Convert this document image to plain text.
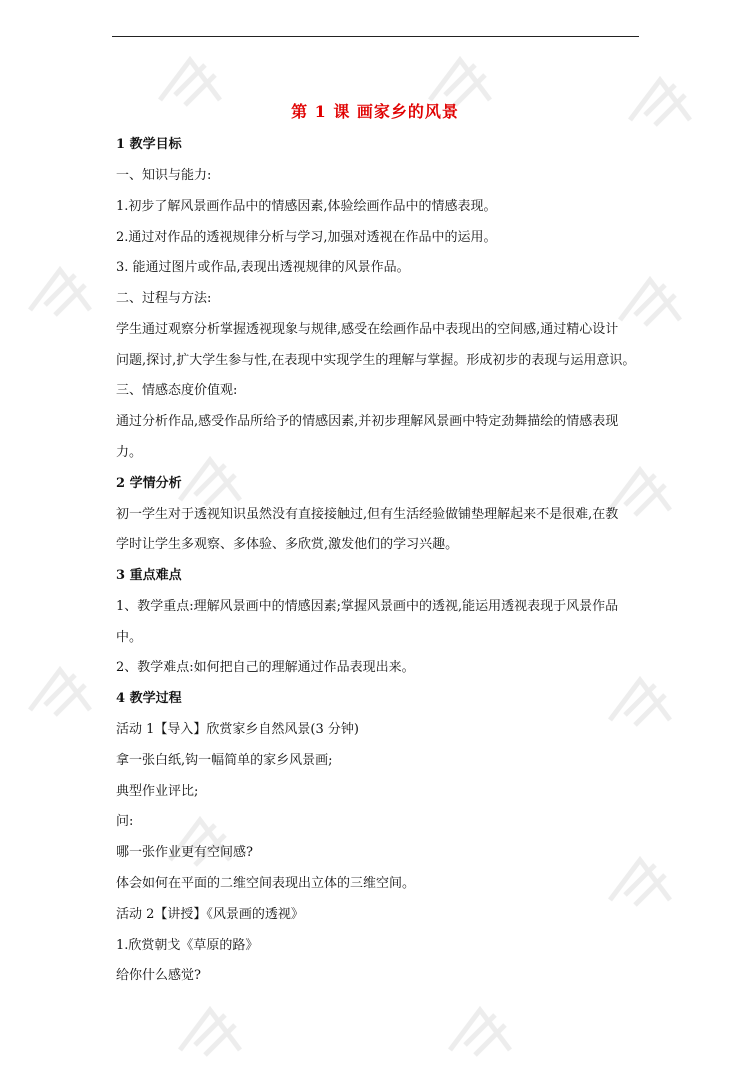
第 1 课 画家乡的风景
1 教学目标
一、知识与能力:
1.初步了解风景画作品中的情感因素,体验绘画作品中的情感表现。
2.通过对作品的透视规律分析与学习,加强对透视在作品中的运用。
3. 能通过图片或作品,表现出透视规律的风景作品。
二、过程与方法:
学生通过观察分析掌握透视现象与规律,感受在绘画作品中表现出的空间感,通过精心设计
问题,探讨,扩大学生参与性,在表现中实现学生的理解与掌握。形成初步的表现与运用意识。
三、情感态度价值观:
通过分析作品,感受作品所给予的情感因素,并初步理解风景画中特定劲舞描绘的情感表现
力。
2 学情分析
初一学生对于透视知识虽然没有直接接触过,但有生活经验做铺垫理解起来不是很难,在教
学时让学生多观察、多体验、多欣赏,激发他们的学习兴趣。
3 重点难点
1、教学重点:理解风景画中的情感因素;掌握风景画中的透视,能运用透视表现于风景作品
中。
2、教学难点:如何把自己的理解通过作品表现出来。
4 教学过程
活动 1【导入】欣赏家乡自然风景(3 分钟)
拿一张白纸,钩一幅简单的家乡风景画;
典型作业评比;
问:
哪一张作业更有空间感?
体会如何在平面的二维空间表现出立体的三维空间。
活动 2【讲授】《风景画的透视》
1.欣赏朝戈《草原的路》
给你什么感觉?
